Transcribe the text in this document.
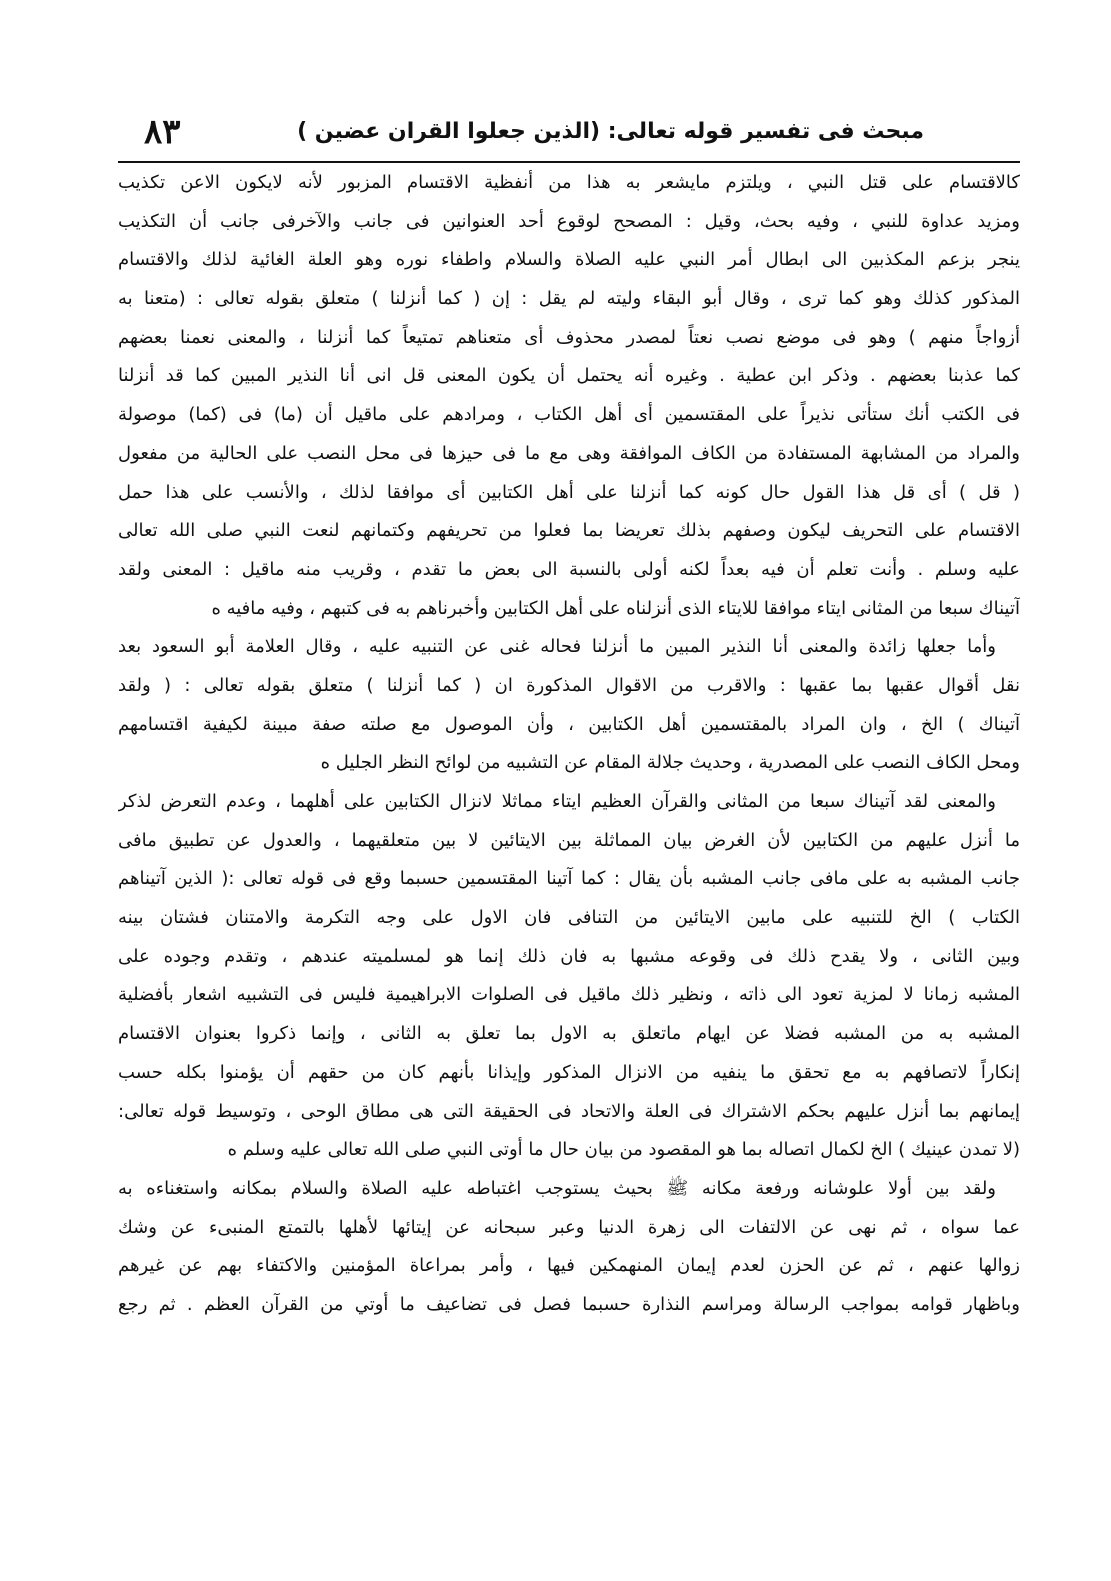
٨٣	مبحث فى تفسير قوله تعالى: (الذين جعلوا القران عضين )
كالاقتسام على قتل النبي ، ويلتزم مايشعر به هذا من أنفظية الاقتسام المزبور لأنه لايكون الاعن تكذيب
ومزيد عداوة للنبي ، وفيه بحث، وقيل : المصحح لوقوع أحد العنوانين فى جانب والآخرفى جانب أن التكذيب
ينجر بزعم المكذبين الى ابطال أمر النبي عليه الصلاة والسلام واطفاء نوره وهو العلة الغائية لذلك والاقتسام
المذكور كذلك وهو كما ترى ، وقال أبو البقاء وليته لم يقل : إن ( كما أنزلنا ) متعلق بقوله تعالى : (متعنا به
أزواجاً منهم ) وهو فى موضع نصب نعتاً لمصدر محذوف أى متعناهم تمتيعاً كما أنزلنا ، والمعنى نعمنا بعضهم
كما عذبنا بعضهم . وذكر ابن عطية . وغيره أنه يحتمل أن يكون المعنى قل انى أنا النذير المبين كما قد أنزلنا
فى الكتب أنك ستأتى نذيراً على المقتسمين أى أهل الكتاب ، ومرادهم على ماقيل أن (ما) فى (كما) موصولة
والمراد من المشابهة المستفادة من الكاف الموافقة وهى مع ما فى حيزها فى محل النصب على الحالية من مفعول
( قل ) أى قل هذا القول حال كونه كما أنزلنا على أهل الكتابين أى موافقا لذلك ، والأنسب على هذا حمل
الاقتسام على التحريف ليكون وصفهم بذلك تعريضا بما فعلوا من تحريفهم وكتمانهم لنعت النبي صلى الله تعالى
عليه وسلم . وأنت تعلم أن فيه بعداً لكنه أولى بالنسبة الى بعض ما تقدم ، وقريب منه ماقيل : المعنى ولقد
آتيناك سبعا من المثانى ايتاء موافقا للايتاء الذى أنزلناه على أهل الكتابين وأخبرناهم به فى كتبهم ، وفيه مافيه ه
وأما جعلها زائدة والمعنى أنا النذير المبين ما أنزلنا فحاله غنى عن التنبيه عليه ، وقال العلامة أبو السعود بعد
نقل أقوال عقبها بما عقبها : والاقرب من الاقوال المذكورة ان ( كما أنزلنا ) متعلق بقوله تعالى : ( ولقد
آتيناك ) الخ ، وان المراد بالمقتسمين أهل الكتابين ، وأن الموصول مع صلته صفة مبينة لكيفية اقتسامهم
ومحل الكاف النصب على المصدرية ، وحديث جلالة المقام عن التشبيه من لوائح النظر الجليل ه
والمعنى لقد آتيناك سبعا من المثانى والقرآن العظيم ايتاء مماثلا لانزال الكتابين على أهلهما ، وعدم التعرض لذكر
ما أنزل عليهم من الكتابين لأن الغرض بيان المماثلة بين الايتائين لا بين متعلقيهما ، والعدول عن تطبيق مافى
جانب المشبه به على مافى جانب المشبه بأن يقال : كما آتينا المقتسمين حسبما وقع فى قوله تعالى :( الذين آتيناهم
الكتاب ) الخ للتنبيه على مابين الايتائين من التنافى فان الاول على وجه التكرمة والامتنان فشتان بينه
وبين الثانى ، ولا يقدح ذلك فى وقوعه مشبها به فان ذلك إنما هو لمسلميته عندهم ، وتقدم وجوده على
المشبه زمانا لا لمزية تعود الى ذاته ، ونظير ذلك ماقيل فى الصلوات الابراهيمية فليس فى التشبيه اشعار بأفضلية
المشبه به من المشبه فضلا عن ايهام ماتعلق به الاول بما تعلق به الثانى ، وإنما ذكروا بعنوان الاقتسام
إنكاراً لاتصافهم به مع تحقق ما ينفيه من الانزال المذكور وإيذانا بأنهم كان من حقهم أن يؤمنوا بكله حسب
إيمانهم بما أنزل عليهم بحكم الاشتراك فى العلة والاتحاد فى الحقيقة التى هى مطاق الوحى ، وتوسيط قوله تعالى:
(لا تمدن عينيك ) الخ لكمال اتصاله بما هو المقصود من بيان حال ما أوتى النبي صلى الله تعالى عليه وسلم ه
ولقد بين أولا علوشانه ورفعة مكانه ﷺ بحيث يستوجب اغتباطه عليه الصلاة والسلام بمكانه واستغناءه به
عما سواه ، ثم نهى عن الالتفات الى زهرة الدنيا وعبر سبحانه عن إيتائها لأهلها بالتمتع المنبىء عن وشك
زوالها عنهم ، ثم عن الحزن لعدم إيمان المنهمكين فيها ، وأمر بمراعاة المؤمنين والاكتفاء بهم عن غيرهم
وباظهار قوامه بمواجب الرسالة ومراسم النذارة حسبما فصل فى تضاعيف ما أوتي من القرآن العظم . ثم رجع
